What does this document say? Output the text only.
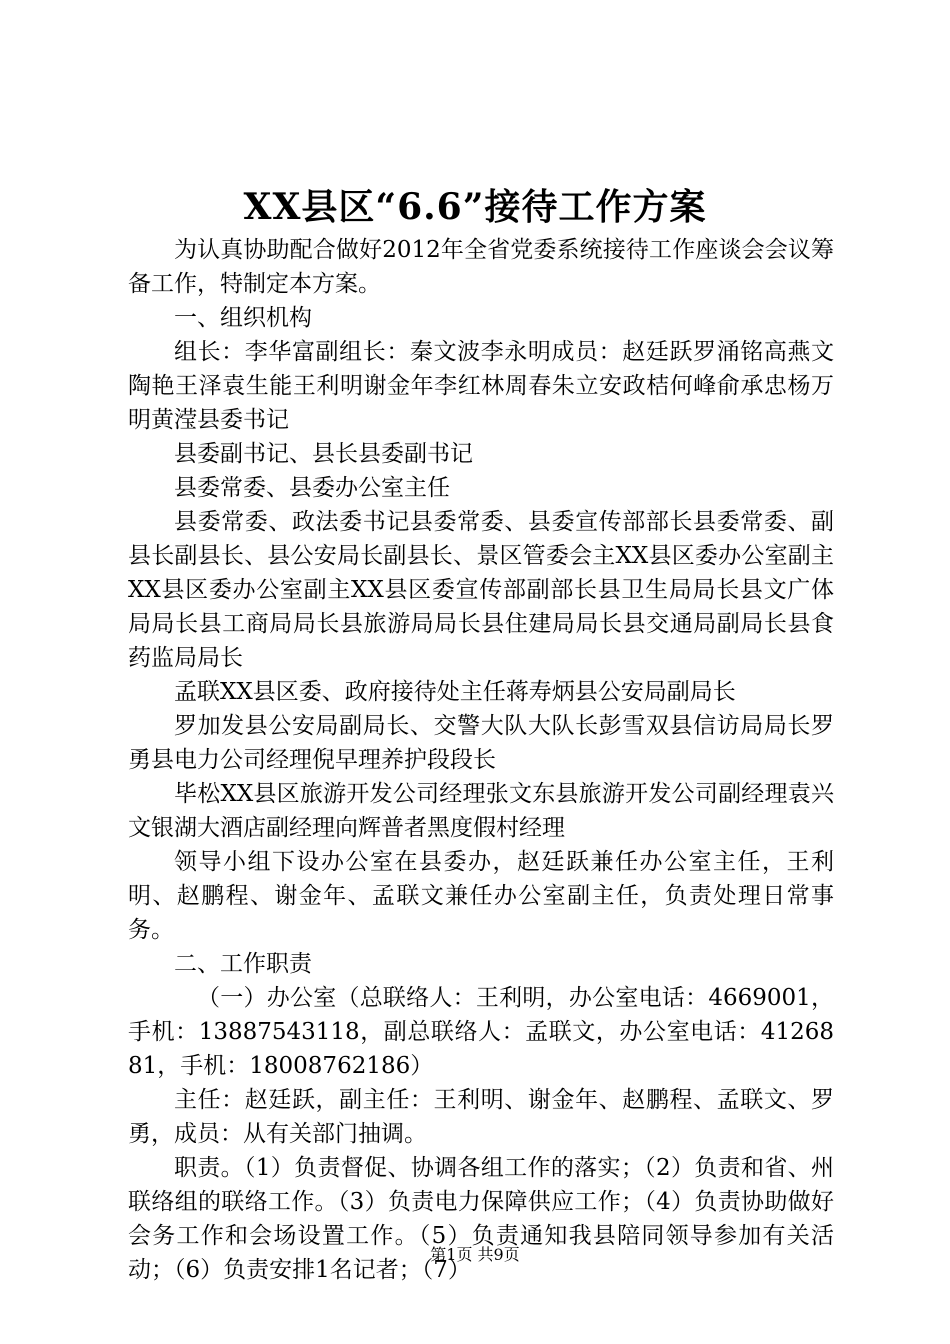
XX县区“6.6”接待工作方案

为认真协助配合做好2012年全省党委系统接待工作座谈会会议筹备工作，特制定本方案。

一、组织机构

组长：李华富副组长：秦文波李永明成员：赵廷跃罗涌铭高燕文陶艳王泽袁生能王利明谢金年李红林周春朱立安政桔何峰俞承忠杨万明黄滢县委书记

县委副书记、县长县委副书记

县委常委、县委办公室主任

县委常委、政法委书记县委常委、县委宣传部部长县委常委、副县长副县长、县公安局长副县长、景区管委会主XX县区委办公室副主XX县区委办公室副主XX县区委宣传部副部长县卫生局局长县文广体局局长县工商局局长县旅游局局长县住建局局长县交通局副局长县食药监局局长

孟联XX县区委、政府接待处主任蒋寿炳县公安局副局长

罗加发县公安局副局长、交警大队大队长彭雪双县信访局局长罗勇县电力公司经理倪早理养护段段长

毕松XX县区旅游开发公司经理张文东县旅游开发公司副经理袁兴文银湖大酒店副经理向辉普者黑度假村经理

领导小组下设办公室在县委办，赵廷跃兼任办公室主任，王利明、赵鹏程、谢金年、孟联文兼任办公室副主任，负责处理日常事务。

二、工作职责

（一）办公室（总联络人：王利明，办公室电话：4669001，手机：13887543118，副总联络人：孟联文，办公室电话：4126881，手机：18008762186）

主任：赵廷跃，副主任：王利明、谢金年、赵鹏程、孟联文、罗勇，成员：从有关部门抽调。

职责。（1）负责督促、协调各组工作的落实；（2）负责和省、州联络组的联络工作。（3）负责电力保障供应工作；（4）负责协助做好会务工作和会场设置工作。（5）负责通知我县陪同领导参加有关活动；（6）负责安排1名记者；（7）

第1页 共9页
